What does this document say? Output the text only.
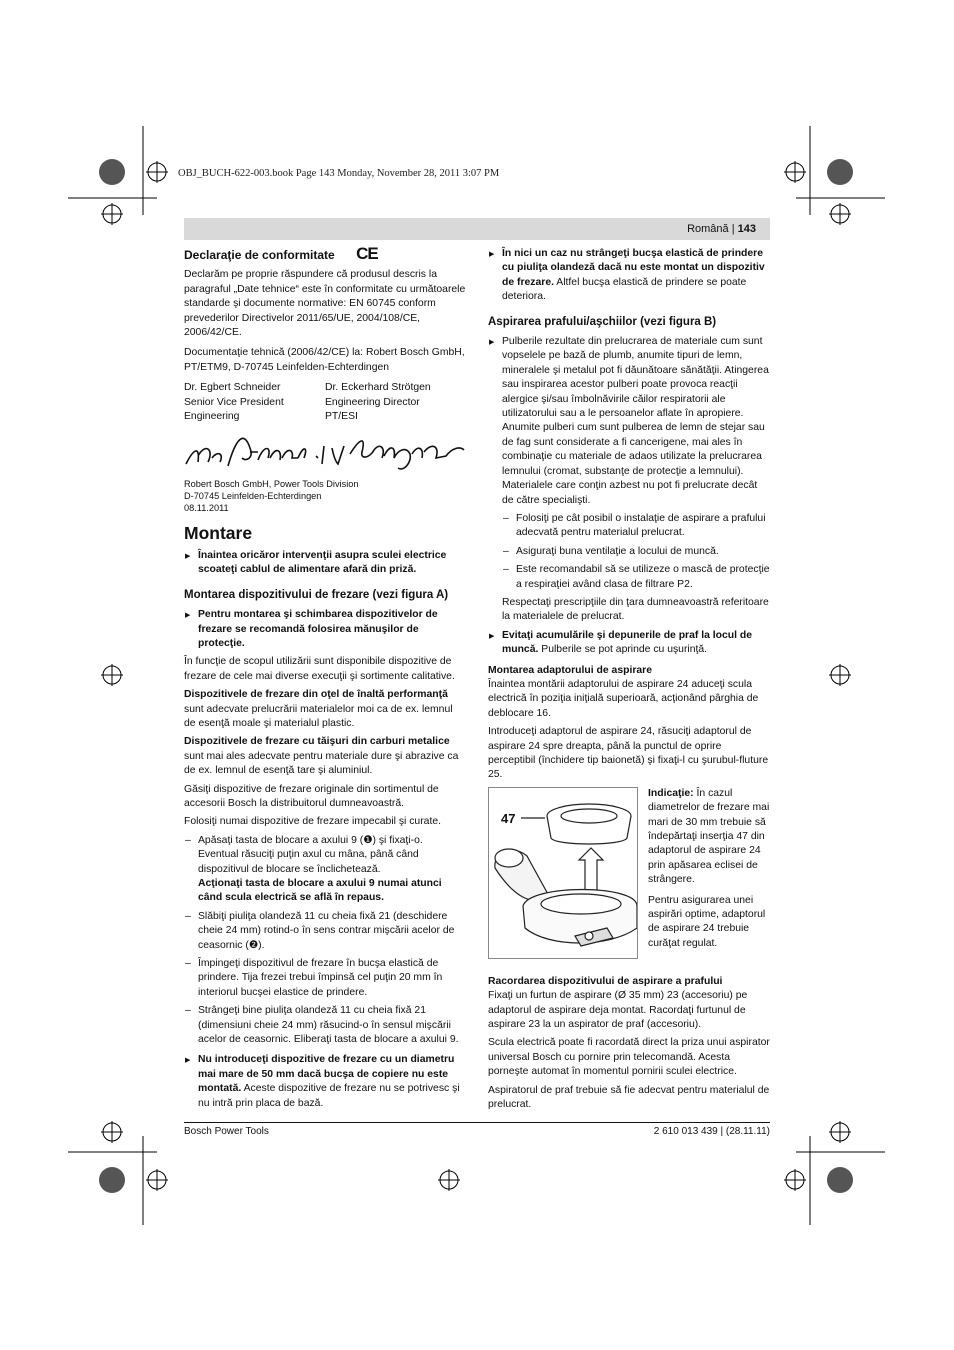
OBJ_BUCH-622-003.book Page 143 Monday, November 28, 2011 3:07 PM
Română | 143
Declaraţie de conformitate CE

Declarăm pe proprie răspundere că produsul descris la paragraful „Date tehnice“ este în conformitate cu următoarele standarde şi documente normative: EN 60745 conform prevederilor Directivelor 2011/65/UE, 2004/108/CE, 2006/42/CE.

Documentaţie tehnică (2006/42/CE) la: Robert Bosch GmbH, PT/ETM9, D-70745 Leinfelden-Echterdingen

Dr. Egbert Schneider
Senior Vice President
Engineering
Dr. Eckerhard Strötgen
Engineering Director
PT/ESI
Robert Bosch GmbH, Power Tools Division
D-70745 Leinfelden-Echterdingen
08.11.2011
Montare

▶ Înaintea oricăror intervenţii asupra sculei electrice scoateţi cablul de alimentare afară din priză.

Montarea dispozitivului de frezare (vezi figura A)

▶ Pentru montarea şi schimbarea dispozitivelor de frezare se recomandă folosirea mănuşilor de protecţie.

În funcţie de scopul utilizării sunt disponibile dispozitive de frezare de cele mai diverse execuţii şi sortimente calitative.

Dispozitivele de frezare din oţel de înaltă performanţă

sunt adecvate prelucrării materialelor moi ca de ex. lemnul de esenţă moale şi materialul plastic.

Dispozitivele de frezare cu tăişuri din carburi metalice

sunt mai ales adecvate pentru materiale dure şi abrazive ca de ex. lemnul de esenţă tare şi aluminiul.

Găsiţi dispozitive de frezare originale din sortimentul de accesorii Bosch la distribuitorul dumneavoastră.

Folosiţi numai dispozitive de frezare impecabil şi curate.

– Apăsaţi tasta de blocare a axului 9 (❶) şi fixaţi-o. Eventual răsuciţi puţin axul cu mâna, până când dispozitivul de blocare se înclichetează.
Acţionaţi tasta de blocare a axului 9 numai atunci când scula electrică se află în repaus.

– Slăbiţi piuliţa olandeză 11 cu cheia fixă 21 (deschidere cheie 24 mm) rotind-o în sens contrar mişcării acelor de ceasornic (❷).

– Împingeţi dispozitivul de frezare în bucşa elastică de prindere. Tija frezei trebui împinsă cel puţin 20 mm în interiorul bucşei elastice de prindere.

– Strângeţi bine piuliţa olandeză 11 cu cheia fixă 21 (dimensiuni cheie 24 mm) răsucind-o în sensul mişcării acelor de ceasornic. Eliberaţi tasta de blocare a axului 9.

▶ Nu introduceţi dispozitive de frezare cu un diametru mai mare de 50 mm dacă bucşa de copiere nu este montată. Aceste dispozitive de frezare nu se potrivesc şi nu intră prin placa de bază.

▶ În nici un caz nu strângeţi bucşa elastică de prindere cu piuliţa olandeză dacă nu este montat un dispozitiv de frezare. Altfel bucşa elastică de prindere se poate deteriora.

Aspirarea prafului/aşchiilor (vezi figura B)

▶ Pulberile rezultate din prelucrarea de materiale cum sunt vopselele pe bază de plumb, anumite tipuri de lemn, mineralele şi metalul pot fi dăunătoare sănătăţii. Atingerea sau inspirarea acestor pulberi poate provoca reacţii alergice şi/sau îmbolnăvirile căilor respiratorii ale utilizatorului sau a le persoanelor aflate în apropiere.

Anumite pulberi cum sunt pulberea de lemn de stejar sau de fag sunt considerate a fi cancerigene, mai ales în combinaţie cu materiale de adaos utilizate la prelucrarea lemnului (cromat, substanţe de protecţie a lemnului). Materialele care conţin azbest nu pot fi prelucrate decât de către specialişti.

– Folosiţi pe cât posibil o instalaţie de aspirare a prafului adecvată pentru materialul prelucrat.

– Asiguraţi buna ventilaţie a locului de muncă.

– Este recomandabil să se utilizeze o mască de protecţie a respiraţiei având clasa de filtrare P2.

Respectaţi prescripţiile din ţara dumneavoastră referitoare la materialele de prelucrat.

▶ Evitaţi acumulările şi depunerile de praf la locul de muncă. Pulberile se pot aprinde cu uşurinţă.

Montarea adaptorului de aspirare

Înaintea montării adaptorului de aspirare 24 aduceţi scula electrică în poziţia iniţială superioară, acţionând pârghia de deblocare 16.

Introduceţi adaptorul de aspirare 24, răsuciţi adaptorul de aspirare 24 spre dreapta, până la punctul de oprire perceptibil (închidere tip baionetă) şi fixaţi-l cu şurubul-fluture 25.

47

Indicaţie: În cazul diametrelor de frezare mai mari de 30 mm trebuie să îndepărtaţi inserţia 47 din adaptorul de aspirare 24 prin apăsarea eclisei de strângere.

Pentru asigurarea unei aspirări optime, adaptorul de aspirare 24 trebuie curăţat regulat.

Racordarea dispozitivului de aspirare a prafului

Fixaţi un furtun de aspirare (Ø 35 mm) 23 (accesoriu) pe adaptorul de aspirare deja montat. Racordaţi furtunul de aspirare 23 la un aspirator de praf (accesoriu).

Scula electrică poate fi racordată direct la priza unui aspirator universal Bosch cu pornire prin telecomandă. Acesta porneşte automat în momentul pornirii sculei electrice.

Aspiratorul de praf trebuie să fie adecvat pentru materialul de prelucrat.

Bosch Power Tools	2 610 013 439 | (28.11.11)
